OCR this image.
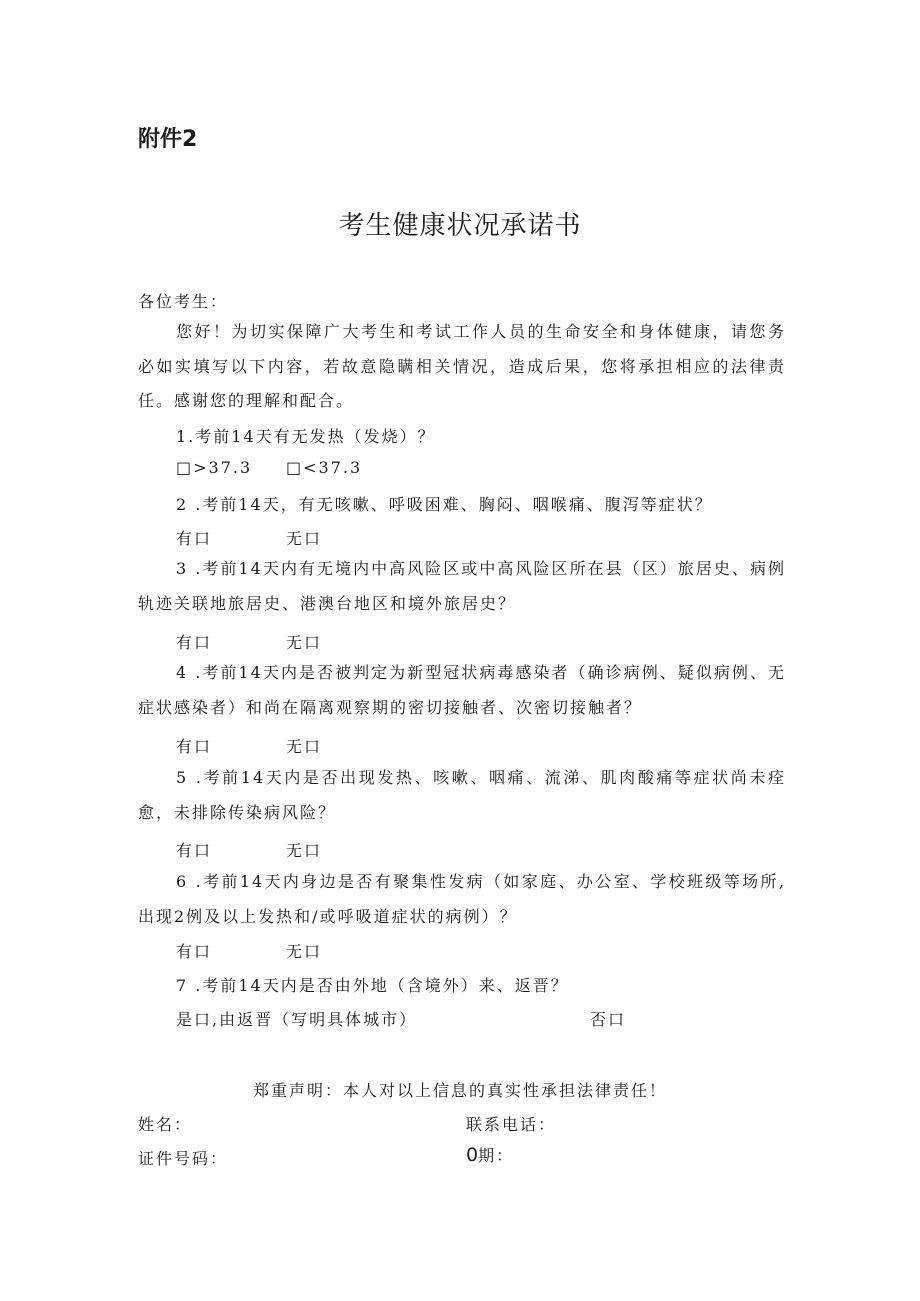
附件2
考生健康状况承诺书
各位考生：
您好！为切实保障广大考生和考试工作人员的生命安全和身体健康，请您务必如实填写以下内容，若故意隐瞒相关情况，造成后果，您将承担相应的法律责任。感谢您的理解和配合。
1.考前14天有无发热（发烧）？
□>37.3 □<37.3
2 .考前14天，有无咳嗽、呼吸困难、胸闷、咽喉痛、腹泻等症状？
有口	无口
3 .考前14天内有无境内中高风险区或中高风险区所在县（区）旅居史、病例轨迹关联地旅居史、港澳台地区和境外旅居史？
有口	无口
4 .考前14天内是否被判定为新型冠状病毒感染者（确诊病例、疑似病例、无症状感染者）和尚在隔离观察期的密切接触者、次密切接触者？
有口	无口
5 .考前14天内是否出现发热、咳嗽、咽痛、流涕、肌肉酸痛等症状尚未痊愈，未排除传染病风险？
有口	无口
6 .考前14天内身边是否有聚集性发病（如家庭、办公室、学校班级等场所,出现2例及以上发热和/或呼吸道症状的病例）？
有口	无口
7 .考前14天内是否由外地（含境外）来、返晋？
是口,由返晋（写明具体城市）	否口
郑重声明：本人对以上信息的真实性承担法律责任！
姓名：	联系电话：
证件号码：	0期：
